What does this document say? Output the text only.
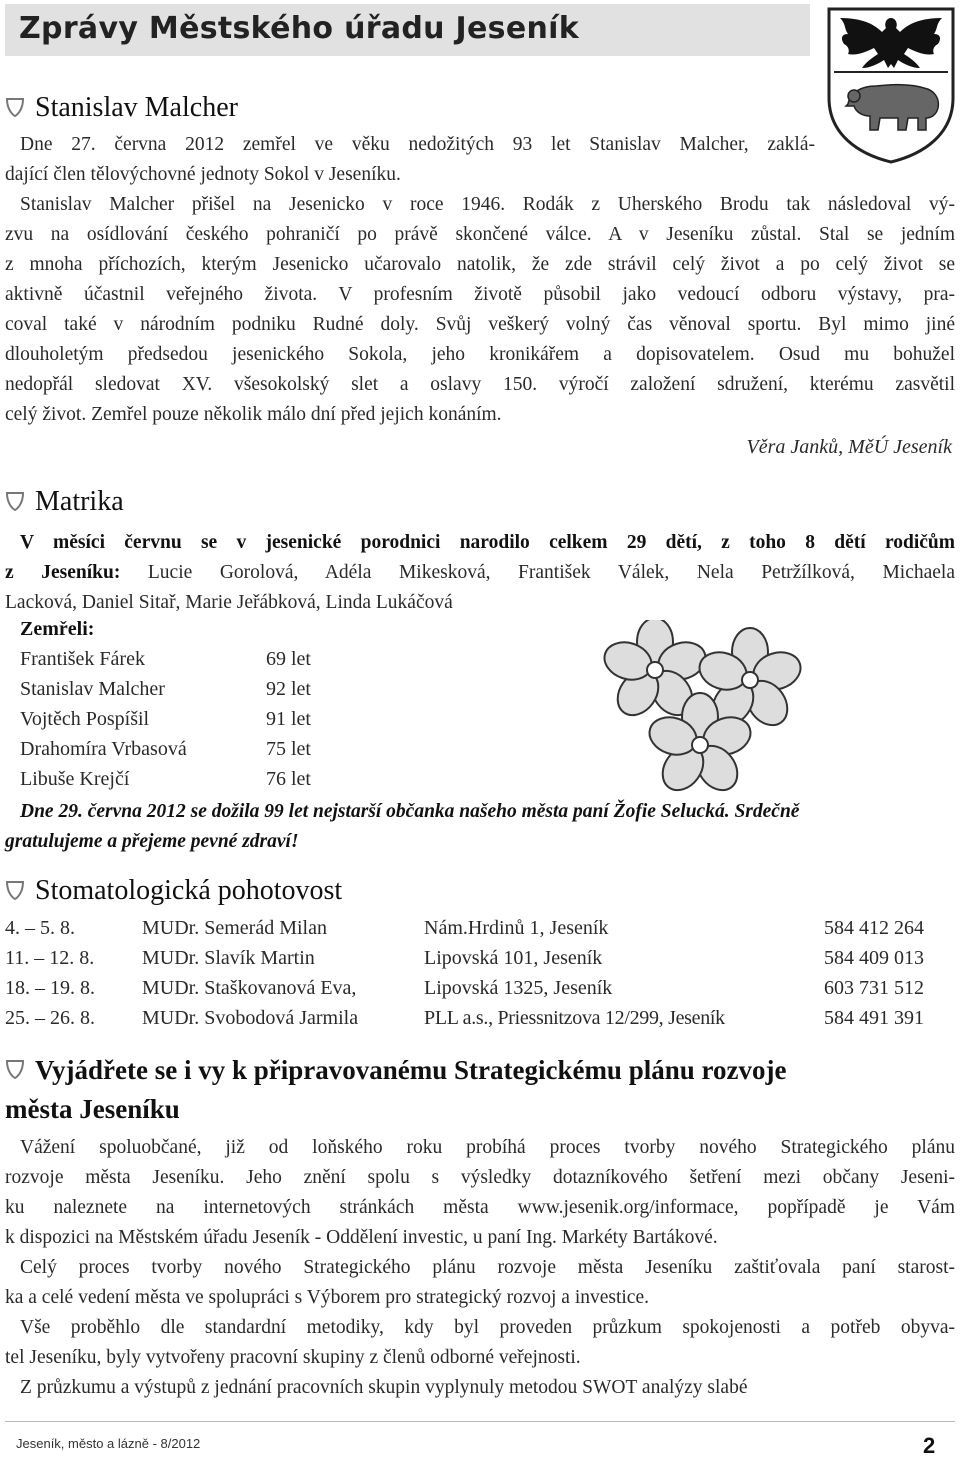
Zprávy Městského úřadu Jeseník
Stanislav Malcher
Dne 27. června 2012 zemřel ve věku nedožitých 93 let Stanislav Malcher, zaklá-
dající člen tělovýchovné jednoty Sokol v Jeseníku.
Stanislav Malcher přišel na Jesenicko v roce 1946. Rodák z Uherského Brodu tak následoval vý-
zvu na osídlování českého pohraničí po právě skončené válce. A v Jeseníku zůstal. Stal se jedním
z mnoha příchozích, kterým Jesenicko učarovalo natolik, že zde strávil celý život a po celý život se
aktivně účastnil veřejného života. V profesním životě působil jako vedoucí odboru výstavy, pra-
coval také v národním podniku Rudné doly. Svůj veškerý volný čas věnoval sportu. Byl mimo jiné
dlouholetým předsedou jesenického Sokola, jeho kronikářem a dopisovatelem. Osud mu bohužel
nedopřál sledovat XV. všesokolský slet a oslavy 150. výročí založení sdružení, kterému zasvětil
celý život. Zemřel pouze několik málo dní před jejich konáním.
Věra Janků, MěÚ Jeseník
Matrika
V měsíci červnu se v jesenické porodnici narodilo celkem 29 dětí, z toho 8 dětí rodičům
z Jeseníku: Lucie Gorolová, Adéla Mikesková, František Válek, Nela Petržílková, Michaela
Lacková, Daniel Sitař, Marie Jeřábková, Linda Lukáčová
Zemřeli:
František Fárek	69 let
Stanislav Malcher	92 let
Vojtěch Pospíšil	91 let
Drahomíra Vrbasová	75 let
Libuše Krejčí	76 let
Dne 29. června 2012 se dožila 99 let nejstarší občanka našeho města paní Žofie Selucká. Srdečně
gratulujeme a přejeme pevné zdraví!
Stomatologická pohotovost
4. – 5. 8.	MUDr. Semerád Milan	Nám.Hrdinů 1, Jeseník	584 412 264
11. – 12. 8. MUDr. Slavík Martin	Lipovská 101, Jeseník	584 409 013
18. – 19. 8. MUDr. Staškovanová Eva,	Lipovská 1325, Jeseník	603 731 512
25. – 26. 8. MUDr. Svobodová Jarmila	PLL a.s., Priessnitzova 12/299, Jeseník	584 491 391
Vyjádřete se i vy k připravovanému Strategickému plánu rozvoje
města Jeseníku
Vážení spoluobčané, již od loňského roku probíhá proces tvorby nového Strategického plánu
rozvoje města Jeseníku. Jeho znění spolu s výsledky dotazníkového šetření mezi občany Jeseni-
ku naleznete na internetových stránkách města www.jesenik.org/informace, popřípadě je Vám
k dispozici na Městském úřadu Jeseník - Oddělení investic, u paní Ing. Markéty Bartákové.
Celý proces tvorby nového Strategického plánu rozvoje města Jeseníku zaštiťovala paní starost-
ka a celé vedení města ve spolupráci s Výborem pro strategický rozvoj a investice.
Vše proběhlo dle standardní metodiky, kdy byl proveden průzkum spokojenosti a potřeb obyva-
tel Jeseníku, byly vytvořeny pracovní skupiny z členů odborné veřejnosti.
Z průzkumu a výstupů z jednání pracovních skupin vyplynuly metodou SWOT analýzy slabé
Jeseník, město a lázně - 8/2012	2
